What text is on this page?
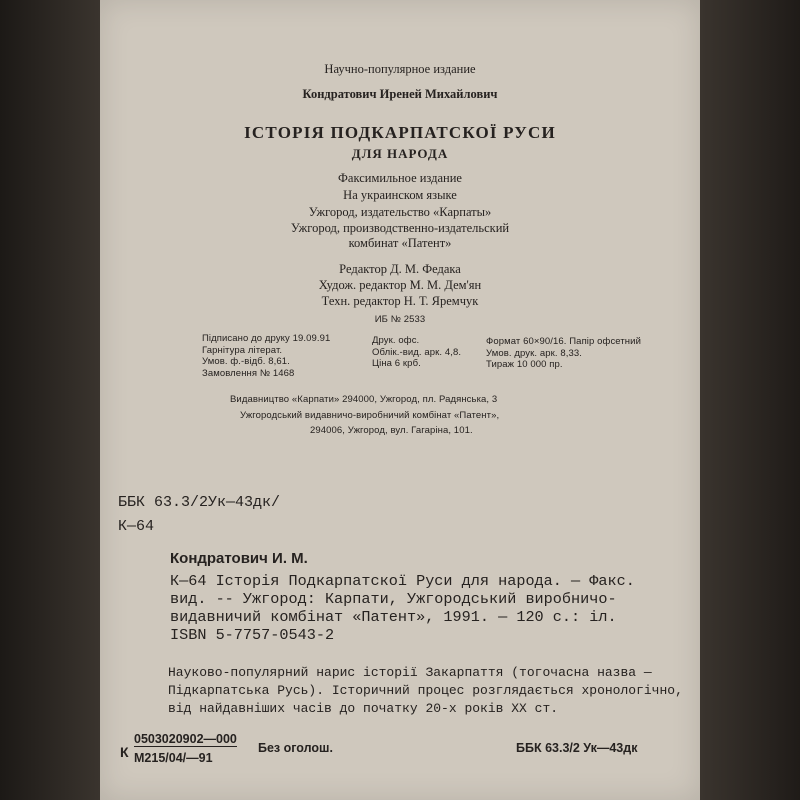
Научно-популярное издание
Кондратович Иреней Михайлович
ІСТОРІЯ ПОДКАРПАТСКОЇ РУСИ
ДЛЯ НАРОДА
Факсимильное издание
На украинском языке
Ужгород, издательство «Карпаты»
Ужгород, производственно-издательский
комбинат «Патент»
Редактор Д. М. Федака
Худож. редактор М. М. Дем'ян
Техн. редактор Н. Т. Яремчук
ИБ № 2533
Підписано до друку 19.09.91
Гарнітура літерат.
Умов. ф.-відб. 8,61.
Замовлення № 1468
Друк. офс.
Облік.-вид. арк. 4,8.
Ціна 6 крб.
Формат 60×90/16. Папір офсетний
Умов. друк. арк. 8,33.
Тираж 10 000 пр.
Видавництво «Карпати» 294000, Ужгород, пл. Радянська, 3
Ужгородський видавничо-виробничий комбінат «Патент»,
294006, Ужгород, вул. Гагаріна, 101.
ББК 63.3/2Ук—43дк/
К—64
Кондратович И. М.
К—64 Історія Подкарпатскої Руси для народа. — Факс.
вид. -- Ужгород: Карпати, Ужгородський виробничо-
видавничий комбінат «Патент», 1991. — 120 с.: іл.
ISBN 5-7757-0543-2
Науково-популярний нарис історії Закарпаття (тогочасна назва —
Підкарпатська Русь). Історичний процес розглядається хронологічно,
від найдавніших часів до початку 20-х років XX ст.
К
0503020902—000
М215/04/—91
Без оголош.	ББК 63.3/2 Ук—43дк
